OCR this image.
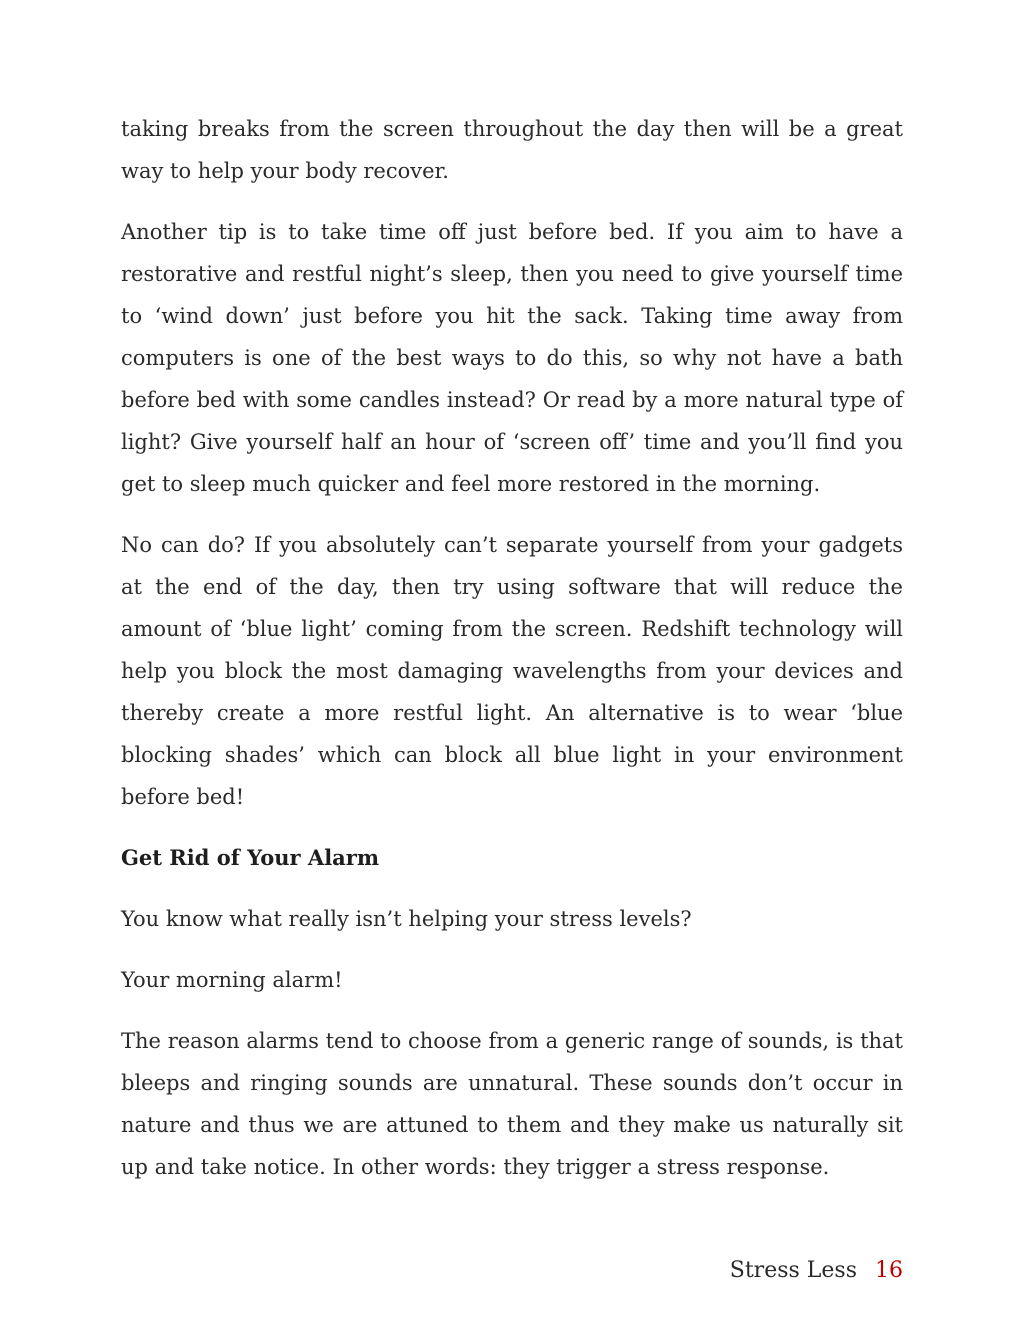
taking breaks from the screen throughout the day then will be a great way to help your body recover.

Another tip is to take time off just before bed. If you aim to have a restorative and restful night’s sleep, then you need to give yourself time to ‘wind down’ just before you hit the sack. Taking time away from computers is one of the best ways to do this, so why not have a bath before bed with some candles instead? Or read by a more natural type of light? Give yourself half an hour of ‘screen off’ time and you’ll find you get to sleep much quicker and feel more restored in the morning.

No can do? If you absolutely can’t separate yourself from your gadgets at the end of the day, then try using software that will reduce the amount of ‘blue light’ coming from the screen. Redshift technology will help you block the most damaging wavelengths from your devices and thereby create a more restful light. An alternative is to wear ‘blue blocking shades’ which can block all blue light in your environment before bed!

Get Rid of Your Alarm

You know what really isn’t helping your stress levels?

Your morning alarm!

The reason alarms tend to choose from a generic range of sounds, is that bleeps and ringing sounds are unnatural. These sounds don’t occur in nature and thus we are attuned to them and they make us naturally sit up and take notice. In other words: they trigger a stress response.

Stress Less 16
